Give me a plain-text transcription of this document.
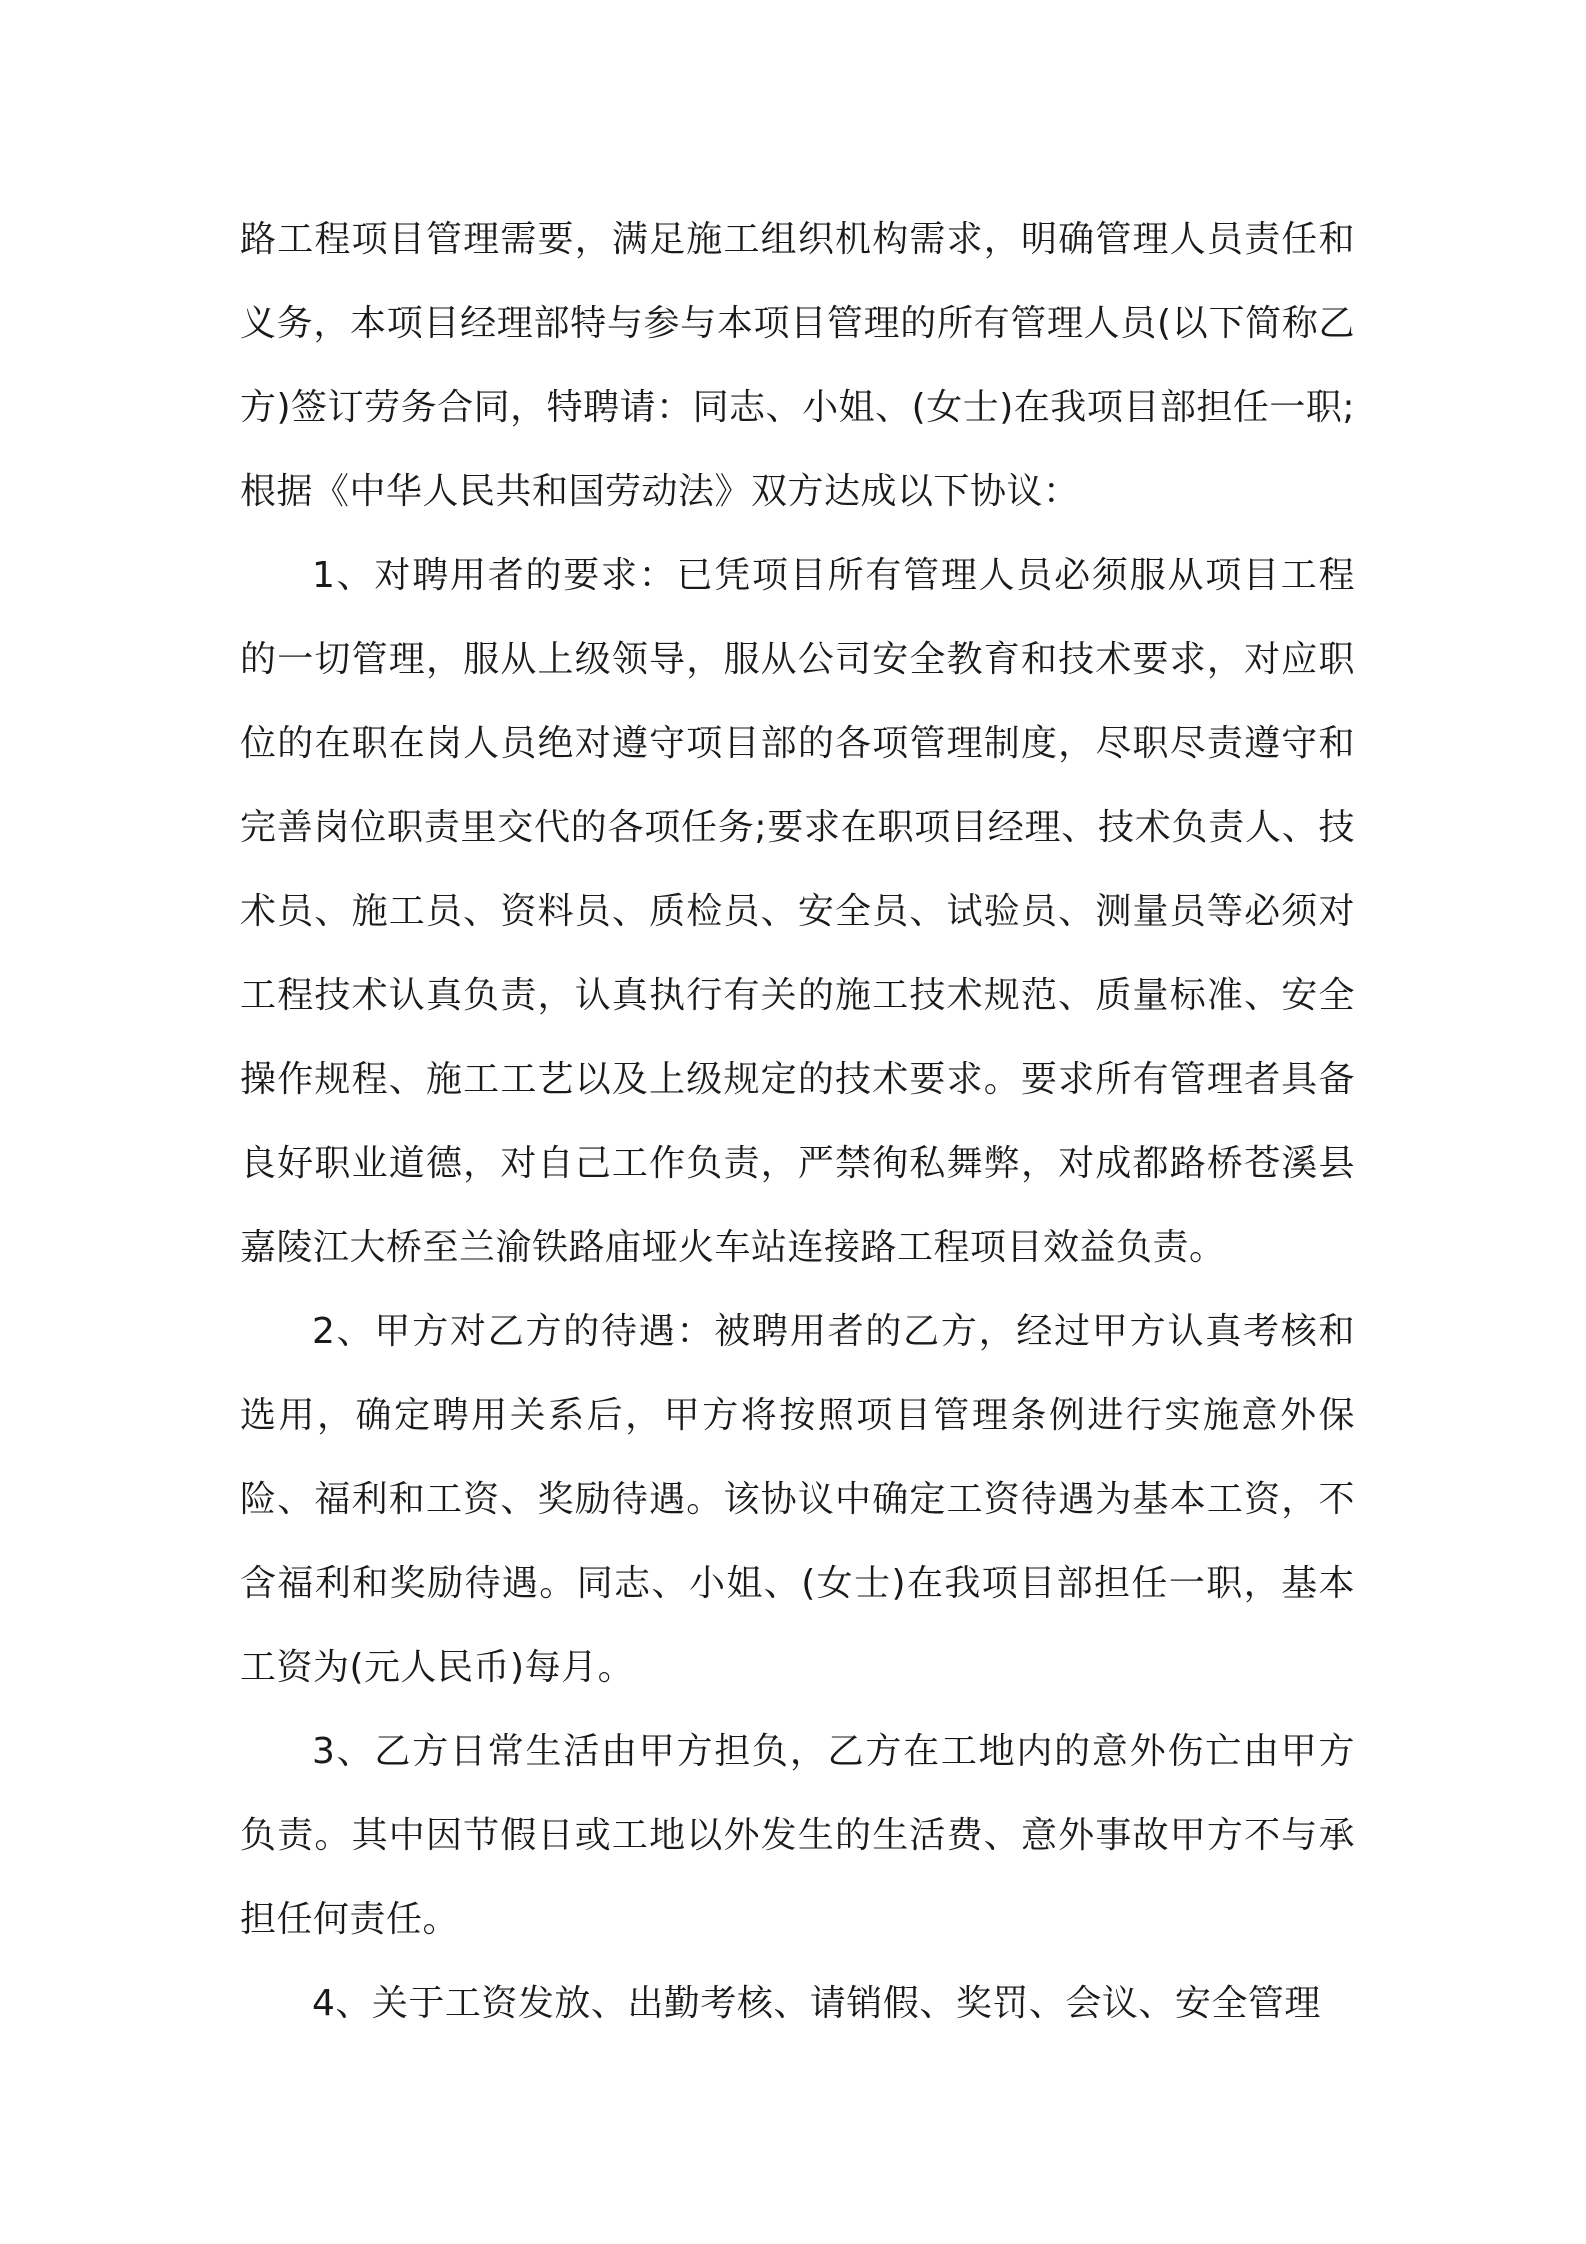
路工程项目管理需要，满足施工组织机构需求，明确管理人员责任和义务，本项目经理部特与参与本项目管理的所有管理人员(以下简称乙方)签订劳务合同，特聘请：同志、小姐、(女士)在我项目部担任一职;根据《中华人民共和国劳动法》双方达成以下协议：

1、对聘用者的要求：已凭项目所有管理人员必须服从项目工程的一切管理，服从上级领导，服从公司安全教育和技术要求，对应职位的在职在岗人员绝对遵守项目部的各项管理制度，尽职尽责遵守和完善岗位职责里交代的各项任务;要求在职项目经理、技术负责人、技术员、施工员、资料员、质检员、安全员、试验员、测量员等必须对工程技术认真负责，认真执行有关的施工技术规范、质量标准、安全操作规程、施工工艺以及上级规定的技术要求。要求所有管理者具备良好职业道德，对自己工作负责，严禁徇私舞弊，对成都路桥苍溪县嘉陵江大桥至兰渝铁路庙垭火车站连接路工程项目效益负责。

2、甲方对乙方的待遇：被聘用者的乙方，经过甲方认真考核和选用，确定聘用关系后，甲方将按照项目管理条例进行实施意外保险、福利和工资、奖励待遇。该协议中确定工资待遇为基本工资，不含福利和奖励待遇。同志、小姐、(女士)在我项目部担任一职，基本工资为(元人民币)每月。

3、乙方日常生活由甲方担负，乙方在工地内的意外伤亡由甲方负责。其中因节假日或工地以外发生的生活费、意外事故甲方不与承担任何责任。

4、关于工资发放、出勤考核、请销假、奖罚、会议、安全管理
